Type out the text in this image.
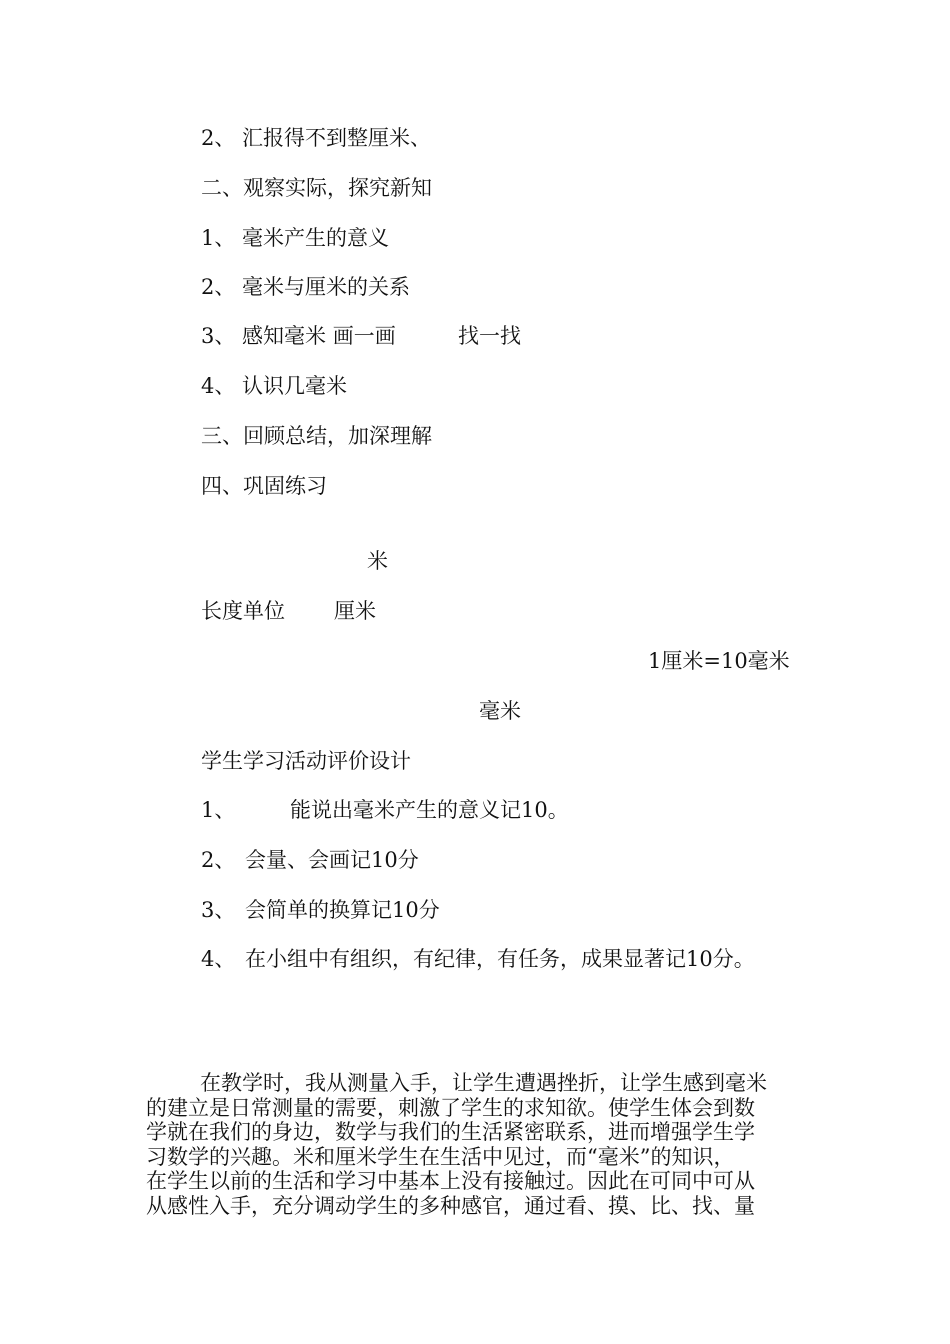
2、 汇报得不到整厘米、
二、观察实际，探究新知
1、 毫米产生的意义
2、 毫米与厘米的关系
3、 感知毫米 画一画	找一找
4、 认识几毫米
三、回顾总结，加深理解
四、巩固练习
米
长度单位 厘米
1厘米=10毫米
毫米
学生学习活动评价设计
1、	能说出毫米产生的意义记10。
2、 会量、会画记10分
3、 会简单的换算记10分
4、 在小组中有组织，有纪律，有任务，成果显著记10分。
在教学时，我从测量入手，让学生遭遇挫折，让学生感到毫米
的建立是日常测量的需要，刺激了学生的求知欲。使学生体会到数
学就在我们的身边，数学与我们的生活紧密联系，进而增强学生学
习数学的兴趣。米和厘米学生在生活中见过，而“毫米”的知识，
在学生以前的生活和学习中基本上没有接触过。因此在可同中可从
从感性入手，充分调动学生的多种感官，通过看、摸、比、找、量
